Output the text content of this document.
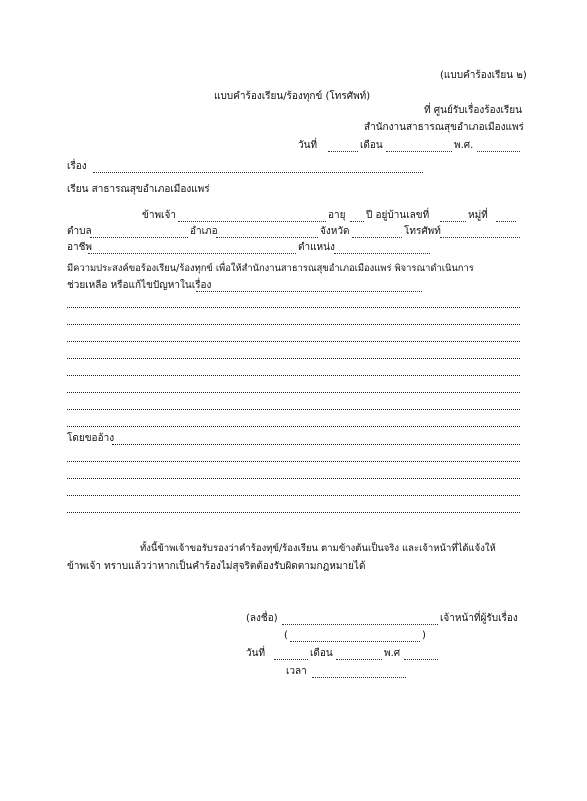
(แบบคำร้องเรียน ๒)
แบบคำร้องเรียน/ร้องทุกข์ (โทรศัพท์)
ที่ ศูนย์รับเรื่องร้องเรียน
สำนักงานสาธารณสุขอำเภอเมืองแพร่
วันที่	เดือน	พ.ศ.
เรื่อง
เรียน สาธารณสุขอำเภอเมืองแพร่
ข้าพเจ้า	อายุ ปี อยู่บ้านเลขที่	หมู่ที่
ตำบล	อำเภอ	จังหวัด	โทรศัพท์
อาชีพ	ตำแหน่ง
มีความประสงค์ขอร้องเรียน/ร้องทุกข์ เพื่อให้สำนักงานสาธารณสุขอำเภอเมืองแพร่ พิจารณาดำเนินการ
ช่วยเหลือ หรือแก้ไขปัญหาในเรื่อง
โดยขออ้าง
ทั้งนี้ข้าพเจ้าขอรับรองว่าคำร้องทุข์/ร้องเรียน ตามข้างต้นเป็นจริง และเจ้าหน้าที่ได้แจ้งให้
ข้าพเจ้า ทราบแล้วว่าหากเป็นคำร้องไม่สุจริตต้องรับผิดตามกฎหมายได้
(ลงชื่อ)	เจ้าหน้าที่ผู้รับเรื่อง
(	)
วันที่	เดือน	พ.ศ
เวลา
